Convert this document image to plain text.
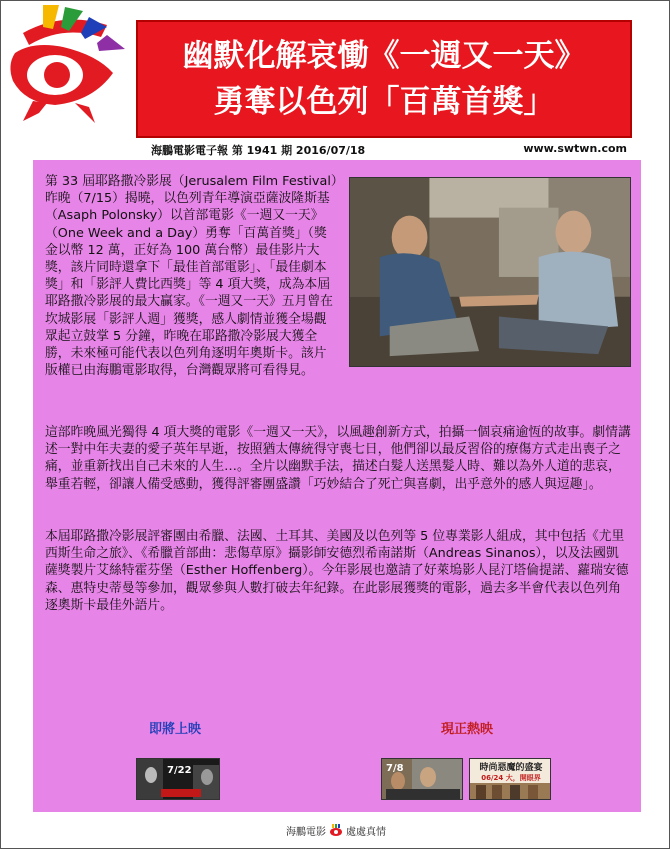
幽默化解哀慟《一週又一天》
勇奪以色列「百萬首獎」
海鵬電影電子報 第 1941 期 2016/07/18	www.swtwn.com
第 33 屆耶路撒冷影展（Jerusalem Film Festival）昨晚（7/15）揭曉，以色列青年導演亞薩波隆斯基（Asaph Polonsky）以首部電影《一週又一天》（One Week and a Day）勇奪「百萬首獎」（獎金以幣 12 萬，正好為 100 萬台幣）最佳影片大獎，該片同時還拿下「最佳首部電影」、「最佳劇本獎」和「影評人費比西獎」等 4 項大獎，成為本屆耶路撒冷影展的最大贏家。《一週又一天》五月曾在坎城影展「影評人週」獲獎，感人劇情並獲全場觀眾起立鼓掌 5 分鐘，昨晚在耶路撒冷影展大獲全勝，未來極可能代表以色列角逐明年奧斯卡。該片版權已由海鵬電影取得，台灣觀眾將可看得見。
這部昨晚風光獨得 4 項大獎的電影《一週又一天》，以風趣創新方式，拍攝一個哀痛逾恆的故事。劇情講述一對中年夫妻的愛子英年早逝，按照猶太傳統得守喪七日，他們卻以最反習俗的療傷方式走出喪子之痛，並重新找出自己未來的人生…。全片以幽默手法，描述白髮人送黑髮人時、難以為外人道的悲哀，舉重若輕，卻讓人備受感動，獲得評審團盛讚「巧妙結合了死亡與喜劇，出乎意外的感人與逗趣」。
本屆耶路撒冷影展評審團由希臘、法國、土耳其、美國及以色列等 5 位專業影人組成，其中包括《尤里西斯生命之旅》、《希臘首部曲：悲傷草原》攝影師安德烈希南諾斯（Andreas Sinanos），以及法國凱薩獎製片艾絲特霍芬堡（Esther Hoffenberg）。今年影展也邀請了好萊塢影人昆汀塔倫提諾、蘿瑞安德森、惠特史蒂曼等參加，觀眾參與人數打破去年紀錄。在此影展獲獎的電影，過去多半會代表以色列角逐奧斯卡最佳外語片。
即將上映	現正熱映
7/22	7/8	時尚惡魔的盛宴
06/24 大，開眼界
海鵬電影 處處真情
